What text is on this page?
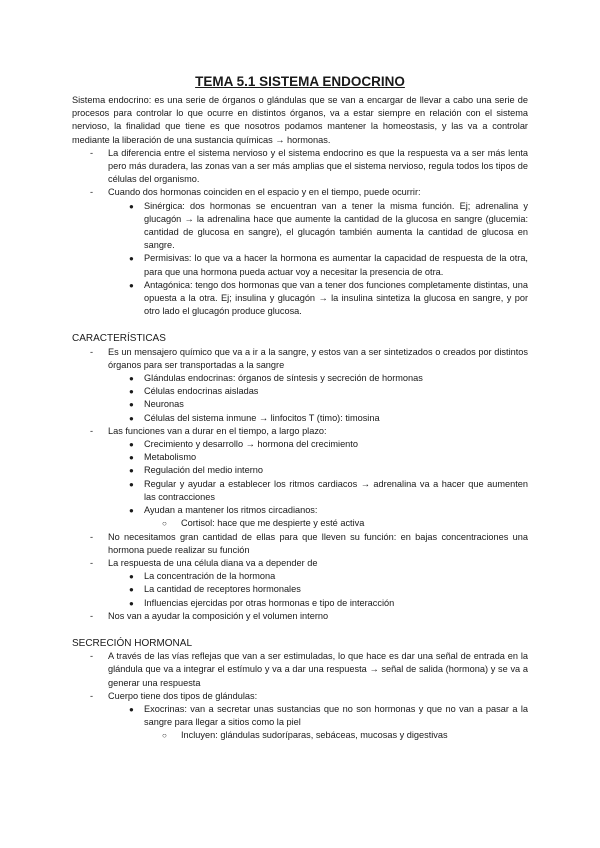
TEMA 5.1 SISTEMA ENDOCRINO

Sistema endocrino: es una serie de órganos o glándulas que se van a encargar de llevar a cabo una serie de procesos para controlar lo que ocurre en distintos órganos, va a estar siempre en relación con el sistema nervioso, la finalidad que tiene es que nosotros podamos mantener la homeostasis, y las va a controlar mediante la liberación de una sustancia químicas → hormonas.

- La diferencia entre el sistema nervioso y el sistema endocrino es que la respuesta va a ser más lenta pero más duradera, las zonas van a ser más amplias que el sistema nervioso, regula todos los tipos de células del organismo.
- Cuando dos hormonas coinciden en el espacio y en el tiempo, puede ocurrir:
● Sinérgica: dos hormonas se encuentran van a tener la misma función. Ej; adrenalina y glucagón → la adrenalina hace que aumente la cantidad de la glucosa en sangre (glucemia: cantidad de glucosa en sangre), el glucagón también aumenta la cantidad de glucosa en sangre.
● Permisivas: lo que va a hacer la hormona es aumentar la capacidad de respuesta de la otra, para que una hormona pueda actuar voy a necesitar la presencia de otra.
● Antagónica: tengo dos hormonas que van a tener dos funciones completamente distintas, una opuesta a la otra. Ej; insulina y glucagón → la insulina sintetiza la glucosa en sangre, y por otro lado el glucagón produce glucosa.

CARACTERÍSTICAS

- Es un mensajero químico que va a ir a la sangre, y estos van a ser sintetizados o creados por distintos órganos para ser transportadas a la sangre
● Glándulas endocrinas: órganos de síntesis y secreción de hormonas
● Células endocrinas aisladas
● Neuronas
● Células del sistema inmune → linfocitos T (timo): timosina
- Las funciones van a durar en el tiempo, a largo plazo:
● Crecimiento y desarrollo → hormona del crecimiento
● Metabolismo
● Regulación del medio interno
● Regular y ayudar a establecer los ritmos cardiacos → adrenalina va a hacer que aumenten las contracciones
● Ayudan a mantener los ritmos circadianos:
○ Cortisol: hace que me despierte y esté activa
- No necesitamos gran cantidad de ellas para que lleven su función: en bajas concentraciones una hormona puede realizar su función
- La respuesta de una célula diana va a depender de
● La concentración de la hormona
● La cantidad de receptores hormonales
● Influencias ejercidas por otras hormonas e tipo de interacción
- Nos van a ayudar la composición y el volumen interno

SECRECIÓN HORMONAL

- A través de las vías reflejas que van a ser estimuladas, lo que hace es dar una señal de entrada en la glándula que va a integrar el estímulo y va a dar una respuesta → señal de salida (hormona) y se va a generar una respuesta
- Cuerpo tiene dos tipos de glándulas:
● Exocrinas: van a secretar unas sustancias que no son hormonas y que no van a pasar a la sangre para llegar a sitios como la piel
○ Incluyen: glándulas sudoríparas, sebáceas, mucosas y digestivas
